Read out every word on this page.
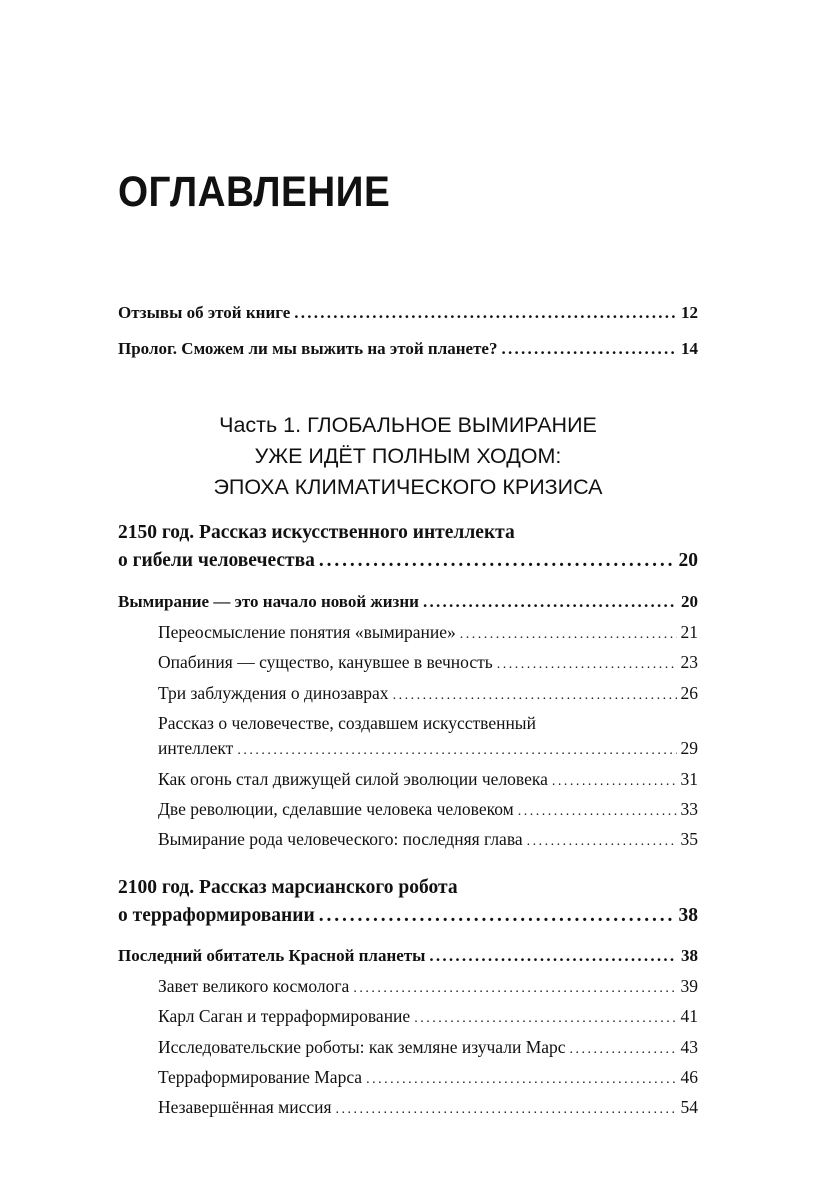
ОГЛАВЛЕНИЕ
Отзывы об этой книге . . .	12
Пролог. Сможем ли мы выжить на этой планете? . . .	14
Часть 1. ГЛОБАЛЬНОЕ ВЫМИРАНИЕ
УЖЕ ИДЁТ ПОЛНЫМ ХОДОМ:
ЭПОХА КЛИМАТИЧЕСКОГО КРИЗИСА
2150 год. Рассказ искусственного интеллекта
о гибели человечества . . .	20
Вымирание — это начало новой жизни . . .	20
Переосмысление понятия «вымирание» . . .	21
Опабиния — существо, канувшее в вечность . . .	23
Три заблуждения о динозаврах . . .	26
Рассказ о человечестве, создавшем искусственный
интеллект . . .	29
Как огонь стал движущей силой эволюции человека . . .	31
Две революции, сделавшие человека человеком . . .	33
Вымирание рода человеческого: последняя глава . . .	35
2100 год. Рассказ марсианского робота
о терраформировании . . .	38
Последний обитатель Красной планеты . . .	38
Завет великого космолога . . .	39
Карл Саган и терраформирование . . .	41
Исследовательские роботы: как земляне изучали Марс . . .	43
Терраформирование Марса . . .	46
Незавершённая миссия . . .	54
